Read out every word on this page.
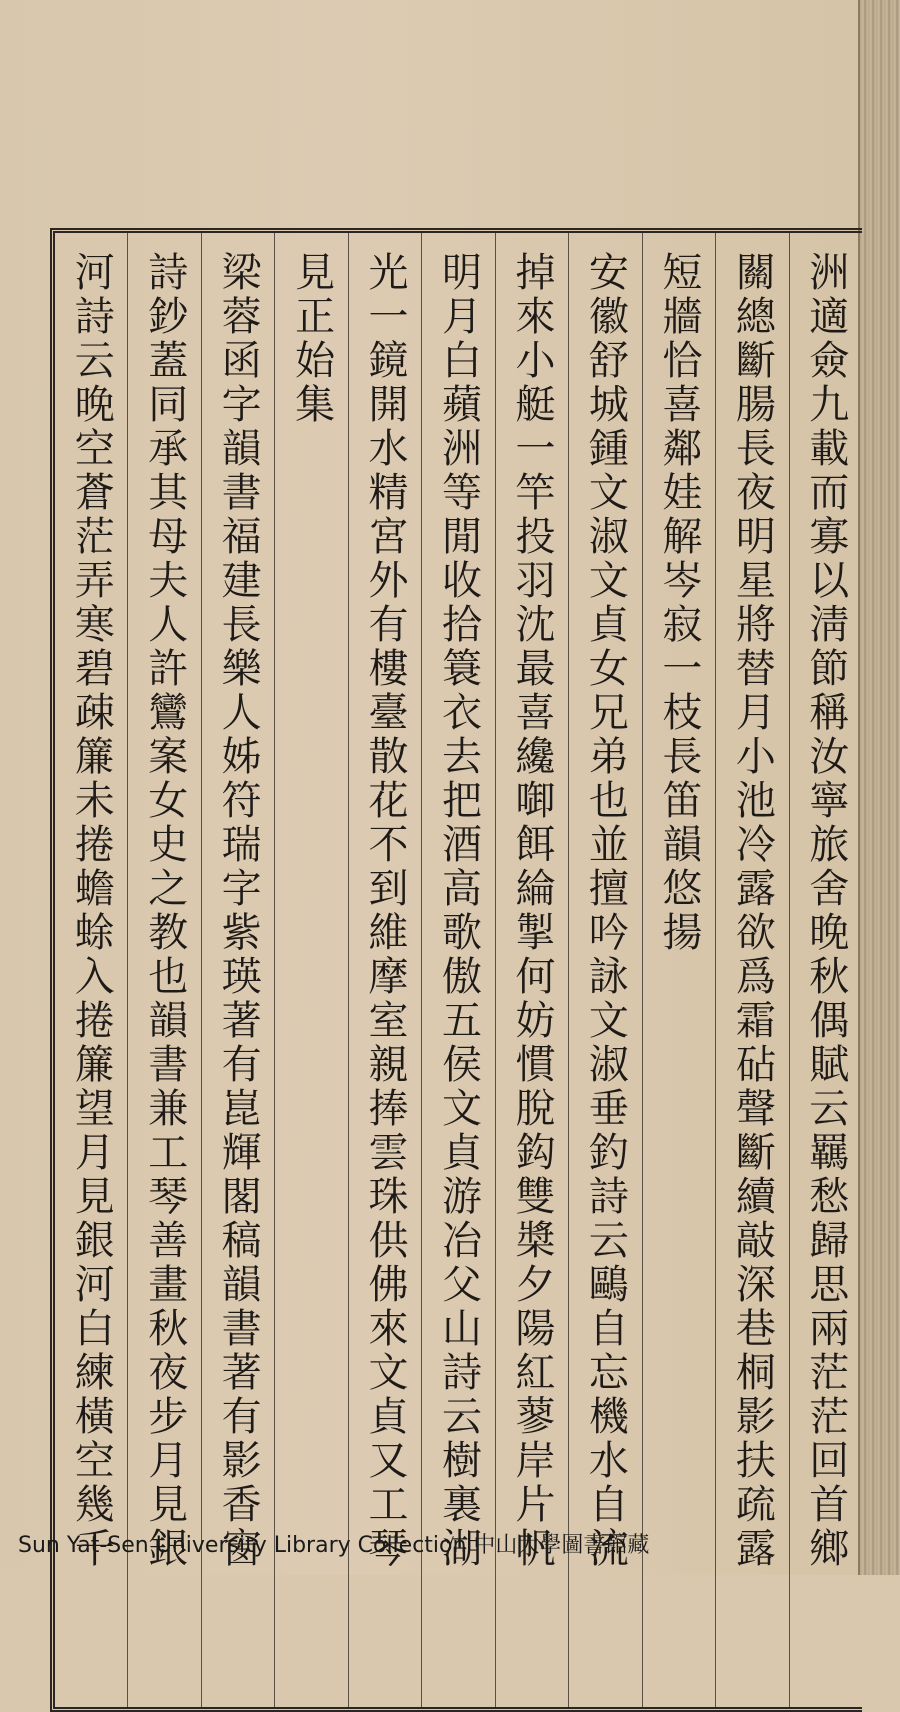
洲適僉九載而寡以淸節稱汝寧旅舍晚秋偶賦云羈愁歸思兩茫茫回首鄉
關總斷腸長夜明星將替月小池冷露欲爲霜砧聲斷續敲深巷桐影扶疏露
短牆恰喜鄰娃解岑寂一枝長笛韻悠揚
安徽舒城鍾文淑文貞女兄弟也並擅吟詠文淑垂釣詩云鷗自忘機水自流
掉來小艇一竿投羽沈最喜纔啣餌綸掣何妨慣脫鈎雙槳夕陽紅蓼岸片帆
明月白蘋洲等閒收拾簑衣去把酒高歌傲五侯文貞游冶父山詩云樹裏湖
光一鏡開水精宮外有樓臺散花不到維摩室親捧雲珠供佛來文貞又工琴
見正始集
梁蓉函字韻書福建長樂人姊符瑞字紫瑛著有崑輝閣稿韻書著有影香窗
詩鈔蓋同承其母夫人許鸞案女史之教也韻書兼工琴善畫秋夜步月見銀
河詩云晚空蒼茫弄寒碧疎簾未捲蟾蜍入捲簾望月見銀河白練橫空幾千
Sun Yat-Sen University Library Collection 中山大學圖書館藏
